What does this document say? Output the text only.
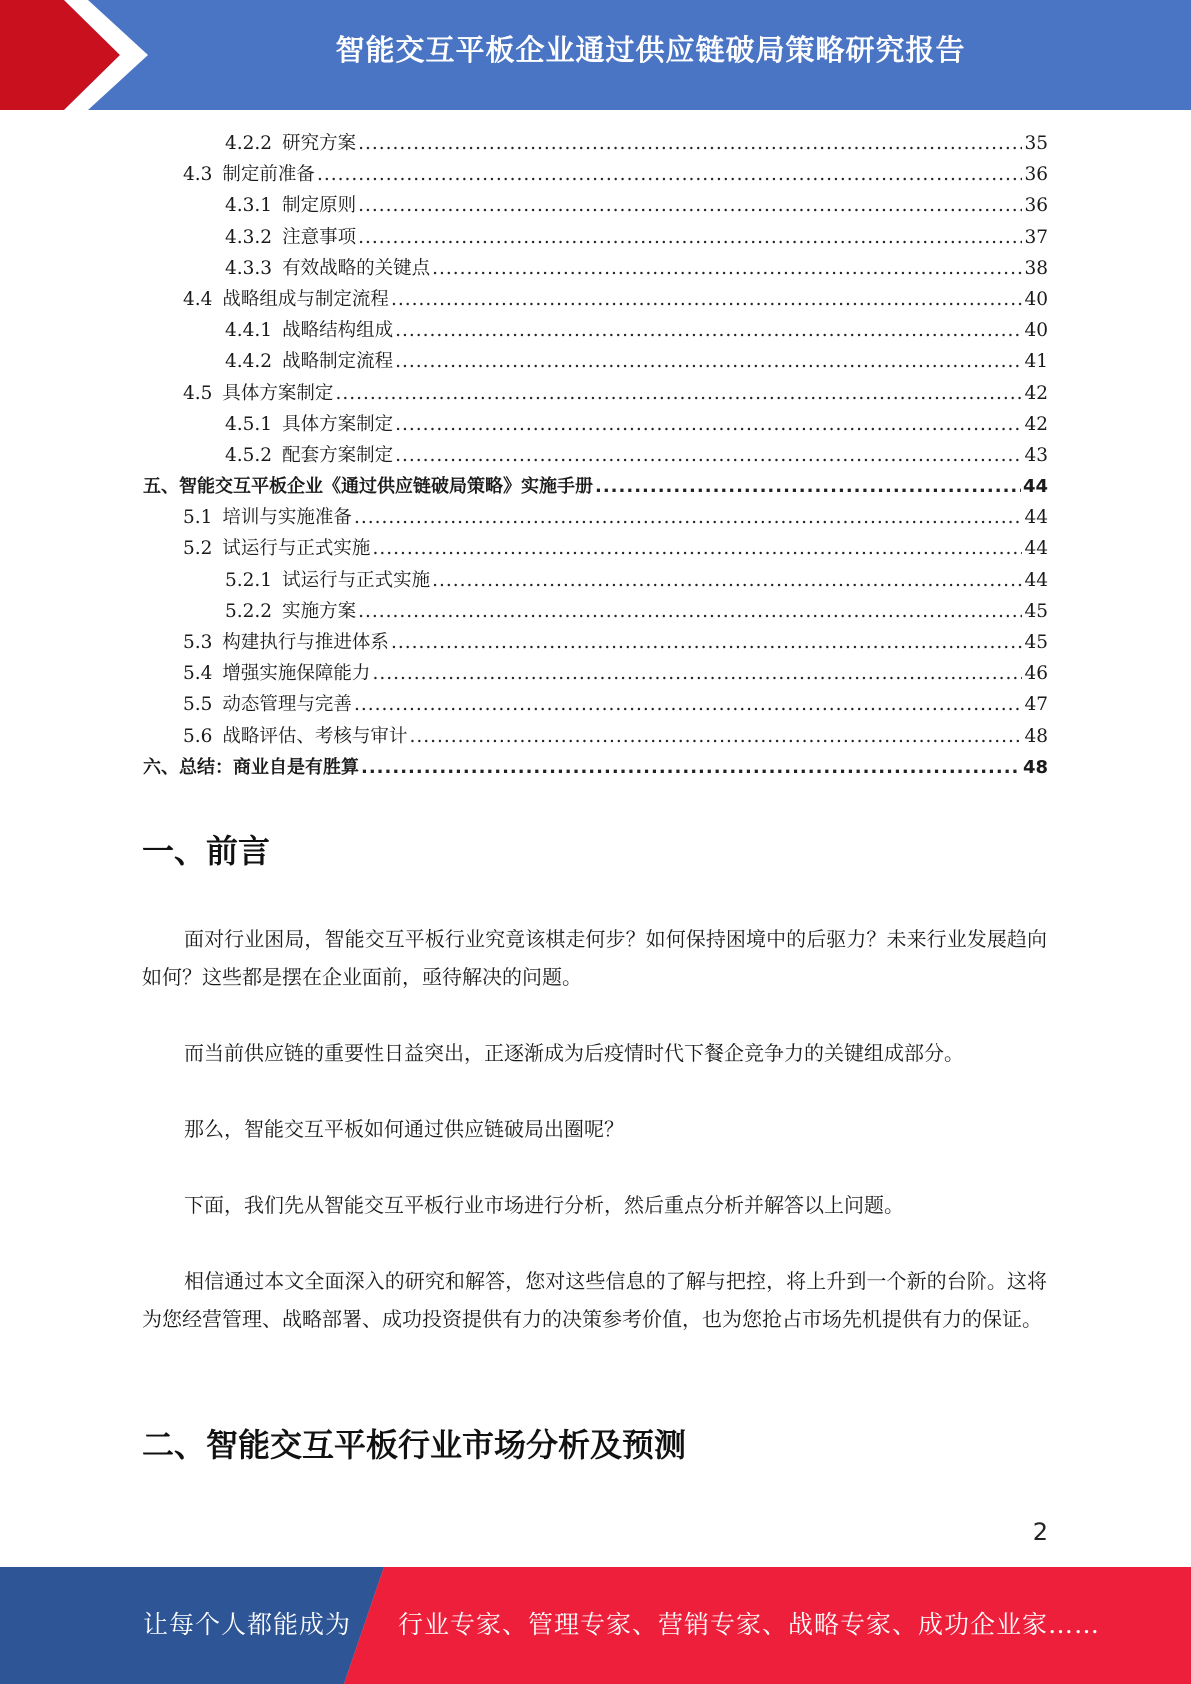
智能交互平板企业通过供应链破局策略研究报告
4.2.2 研究方案 .....	35
4.3 制定前准备 .....	36
4.3.1 制定原则 .....	36
4.3.2 注意事项 .....	37
4.3.3 有效战略的关键点 .....	38
4.4 战略组成与制定流程 .....	40
4.4.1 战略结构组成 .....	40
4.4.2 战略制定流程 .....	41
4.5 具体方案制定 .....	42
4.5.1 具体方案制定 .....	42
4.5.2 配套方案制定 .....	43
五、智能交互平板企业《通过供应链破局策略》实施手册 .....	44
5.1 培训与实施准备 .....	44
5.2 试运行与正式实施 .....	44
5.2.1 试运行与正式实施 .....	44
5.2.2 实施方案 .....	45
5.3 构建执行与推进体系 .....	45
5.4 增强实施保障能力 .....	46
5.5 动态管理与完善 .....	47
5.6 战略评估、考核与审计 .....	48
六、总结：商业自是有胜算 .....	48
一、前言
面对行业困局，智能交互平板行业究竟该棋走何步？如何保持困境中的后驱力？未来行业发展趋向如何？这些都是摆在企业面前，亟待解决的问题。
而当前供应链的重要性日益突出，正逐渐成为后疫情时代下餐企竞争力的关键组成部分。
那么，智能交互平板如何通过供应链破局出圈呢？
下面，我们先从智能交互平板行业市场进行分析，然后重点分析并解答以上问题。
相信通过本文全面深入的研究和解答，您对这些信息的了解与把控，将上升到一个新的台阶。这将为您经营管理、战略部署、成功投资提供有力的决策参考价值，也为您抢占市场先机提供有力的保证。
二、智能交互平板行业市场分析及预测
2
让每个人都能成为 行业专家、管理专家、营销专家、战略专家、成功企业家……
